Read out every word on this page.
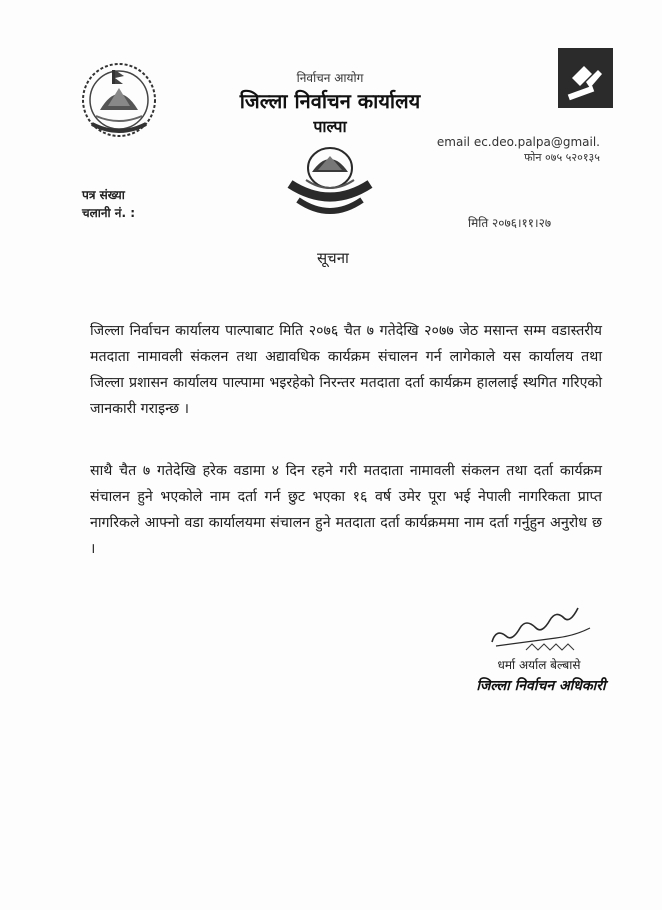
निर्वाचन आयोग
जिल्ला निर्वाचन कार्यालय
पाल्पा
email ec.deo.palpa@gmail.
फोन ०७५ ५२०१३५
पत्र संख्या
चलानी नं. :
मिति २०७६।११।२७
सूचना
जिल्ला निर्वाचन कार्यालय पाल्पाबाट मिति २०७६ चैत ७ गतेदेखि २०७७ जेठ मसान्त सम्म वडास्तरीय मतदाता नामावली संकलन तथा अद्यावधिक कार्यक्रम संचालन गर्न लागेकाले यस कार्यालय तथा जिल्ला प्रशासन कार्यालय पाल्पामा भइरहेको निरन्तर मतदाता दर्ता कार्यक्रम हाललाई स्थगित गरिएको जानकारी गराइन्छ ।
साथै चैत ७ गतेदेखि हरेक वडामा ४ दिन रहने गरी मतदाता नामावली संकलन तथा दर्ता कार्यक्रम संचालन हुने भएकोले नाम दर्ता गर्न छुट भएका १६ वर्ष उमेर पूरा भई नेपाली नागरिकता प्राप्त नागरिकले आफ्नो वडा कार्यालयमा संचालन हुने मतदाता दर्ता कार्यक्रममा नाम दर्ता गर्नुहुन अनुरोध छ ।
धर्मा अर्याल बेल्बासे
जिल्ला निर्वाचन अधिकारी
